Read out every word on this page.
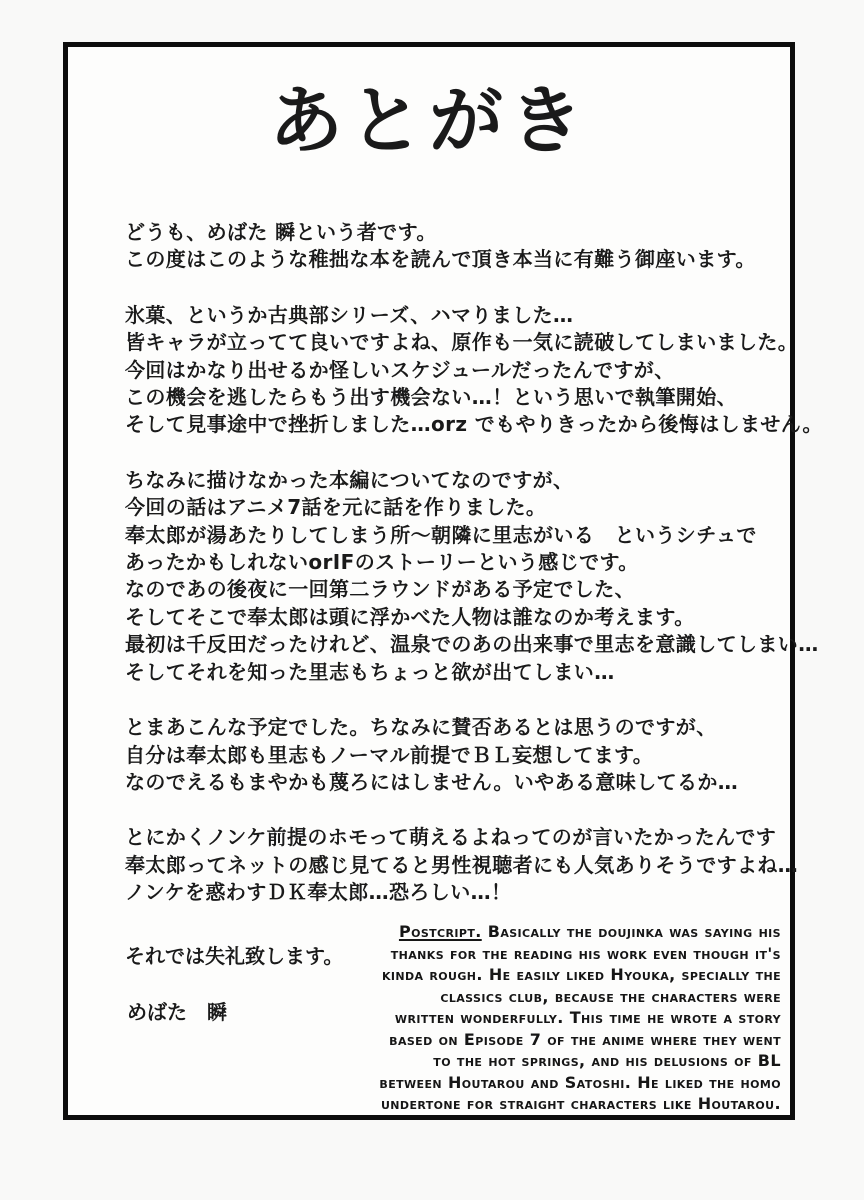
あとがき

どうも、めばた 瞬という者です。
この度はこのような稚拙な本を読んで頂き本当に有難う御座います。

氷菓、というか古典部シリーズ、ハマりました…
皆キャラが立ってて良いですよね、原作も一気に読破してしまいました。
今回はかなり出せるか怪しいスケジュールだったんですが、
この機会を逃したらもう出す機会ない…！という思いで執筆開始、
そして見事途中で挫折しました…orz でもやりきったから後悔はしません。

ちなみに描けなかった本編についてなのですが、
今回の話はアニメ7話を元に話を作りました。
奉太郎が湯あたりしてしまう所～朝隣に里志がいる　というシチュで
あったかもしれないorIFのストーリーという感じです。
なのであの後夜に一回第二ラウンドがある予定でした、
そしてそこで奉太郎は頭に浮かべた人物は誰なのか考えます。
最初は千反田だったけれど、温泉でのあの出来事で里志を意識してしまい…
そしてそれを知った里志もちょっと欲が出てしまい…

とまあこんな予定でした。ちなみに賛否あるとは思うのですが、
自分は奉太郎も里志もノーマル前提でＢＬ妄想してます。
なのでえるもまやかも蔑ろにはしません。いやある意味してるか…

とにかくノンケ前提のホモって萌えるよねってのが言いたかったんです
奉太郎ってネットの感じ見てると男性視聴者にも人気ありそうですよね…
ノンケを惑わすＤＫ奉太郎…恐ろしい…！

それでは失礼致します。
めばた　瞬
Postcript. Basically the doujinka was saying his
thanks for the reading his work even though it's
kinda rough. He easily liked Hyouka, specially the
classics club, because the characters were
written wonderfully. This time he wrote a story
based on Episode 7 of the anime where they went
to the hot springs, and his delusions of BL
between Houtarou and Satoshi. He liked the homo
undertone for straight characters like Houtarou.
